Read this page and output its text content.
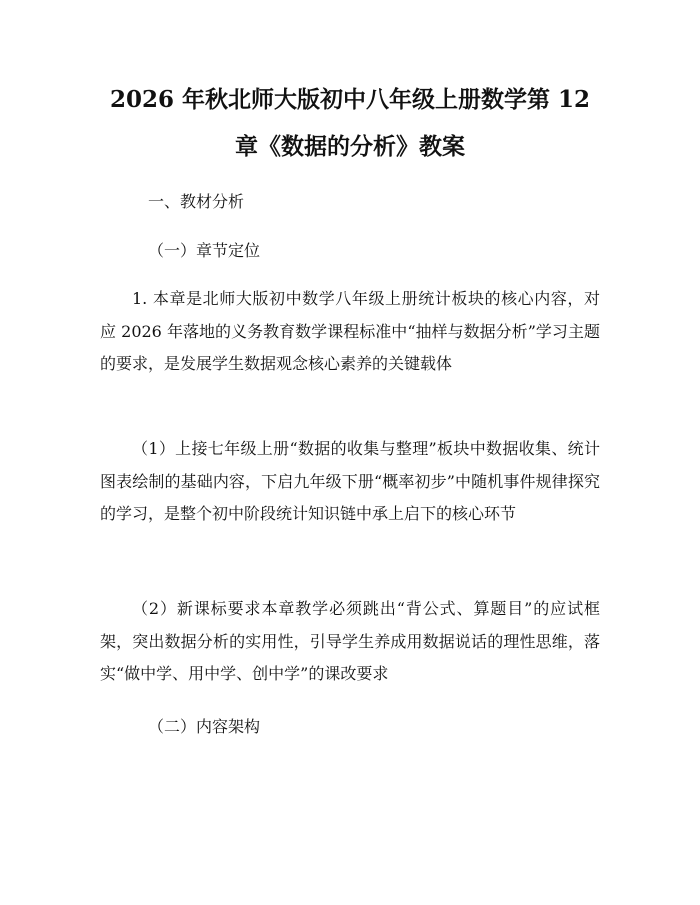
2026 年秋北师大版初中八年级上册数学第 12
章《数据的分析》教案
一、教材分析
（一）章节定位
1. 本章是北师大版初中数学八年级上册统计板块的核心内容，对应 2026 年落地的义务教育数学课程标准中“抽样与数据分析”学习主题的要求，是发展学生数据观念核心素养的关键载体
（1）上接七年级上册“数据的收集与整理”板块中数据收集、统计图表绘制的基础内容，下启九年级下册“概率初步”中随机事件规律探究的学习，是整个初中阶段统计知识链中承上启下的核心环节
（2）新课标要求本章教学必须跳出“背公式、算题目”的应试框架，突出数据分析的实用性，引导学生养成用数据说话的理性思维，落实“做中学、用中学、创中学”的课改要求
（二）内容架构
